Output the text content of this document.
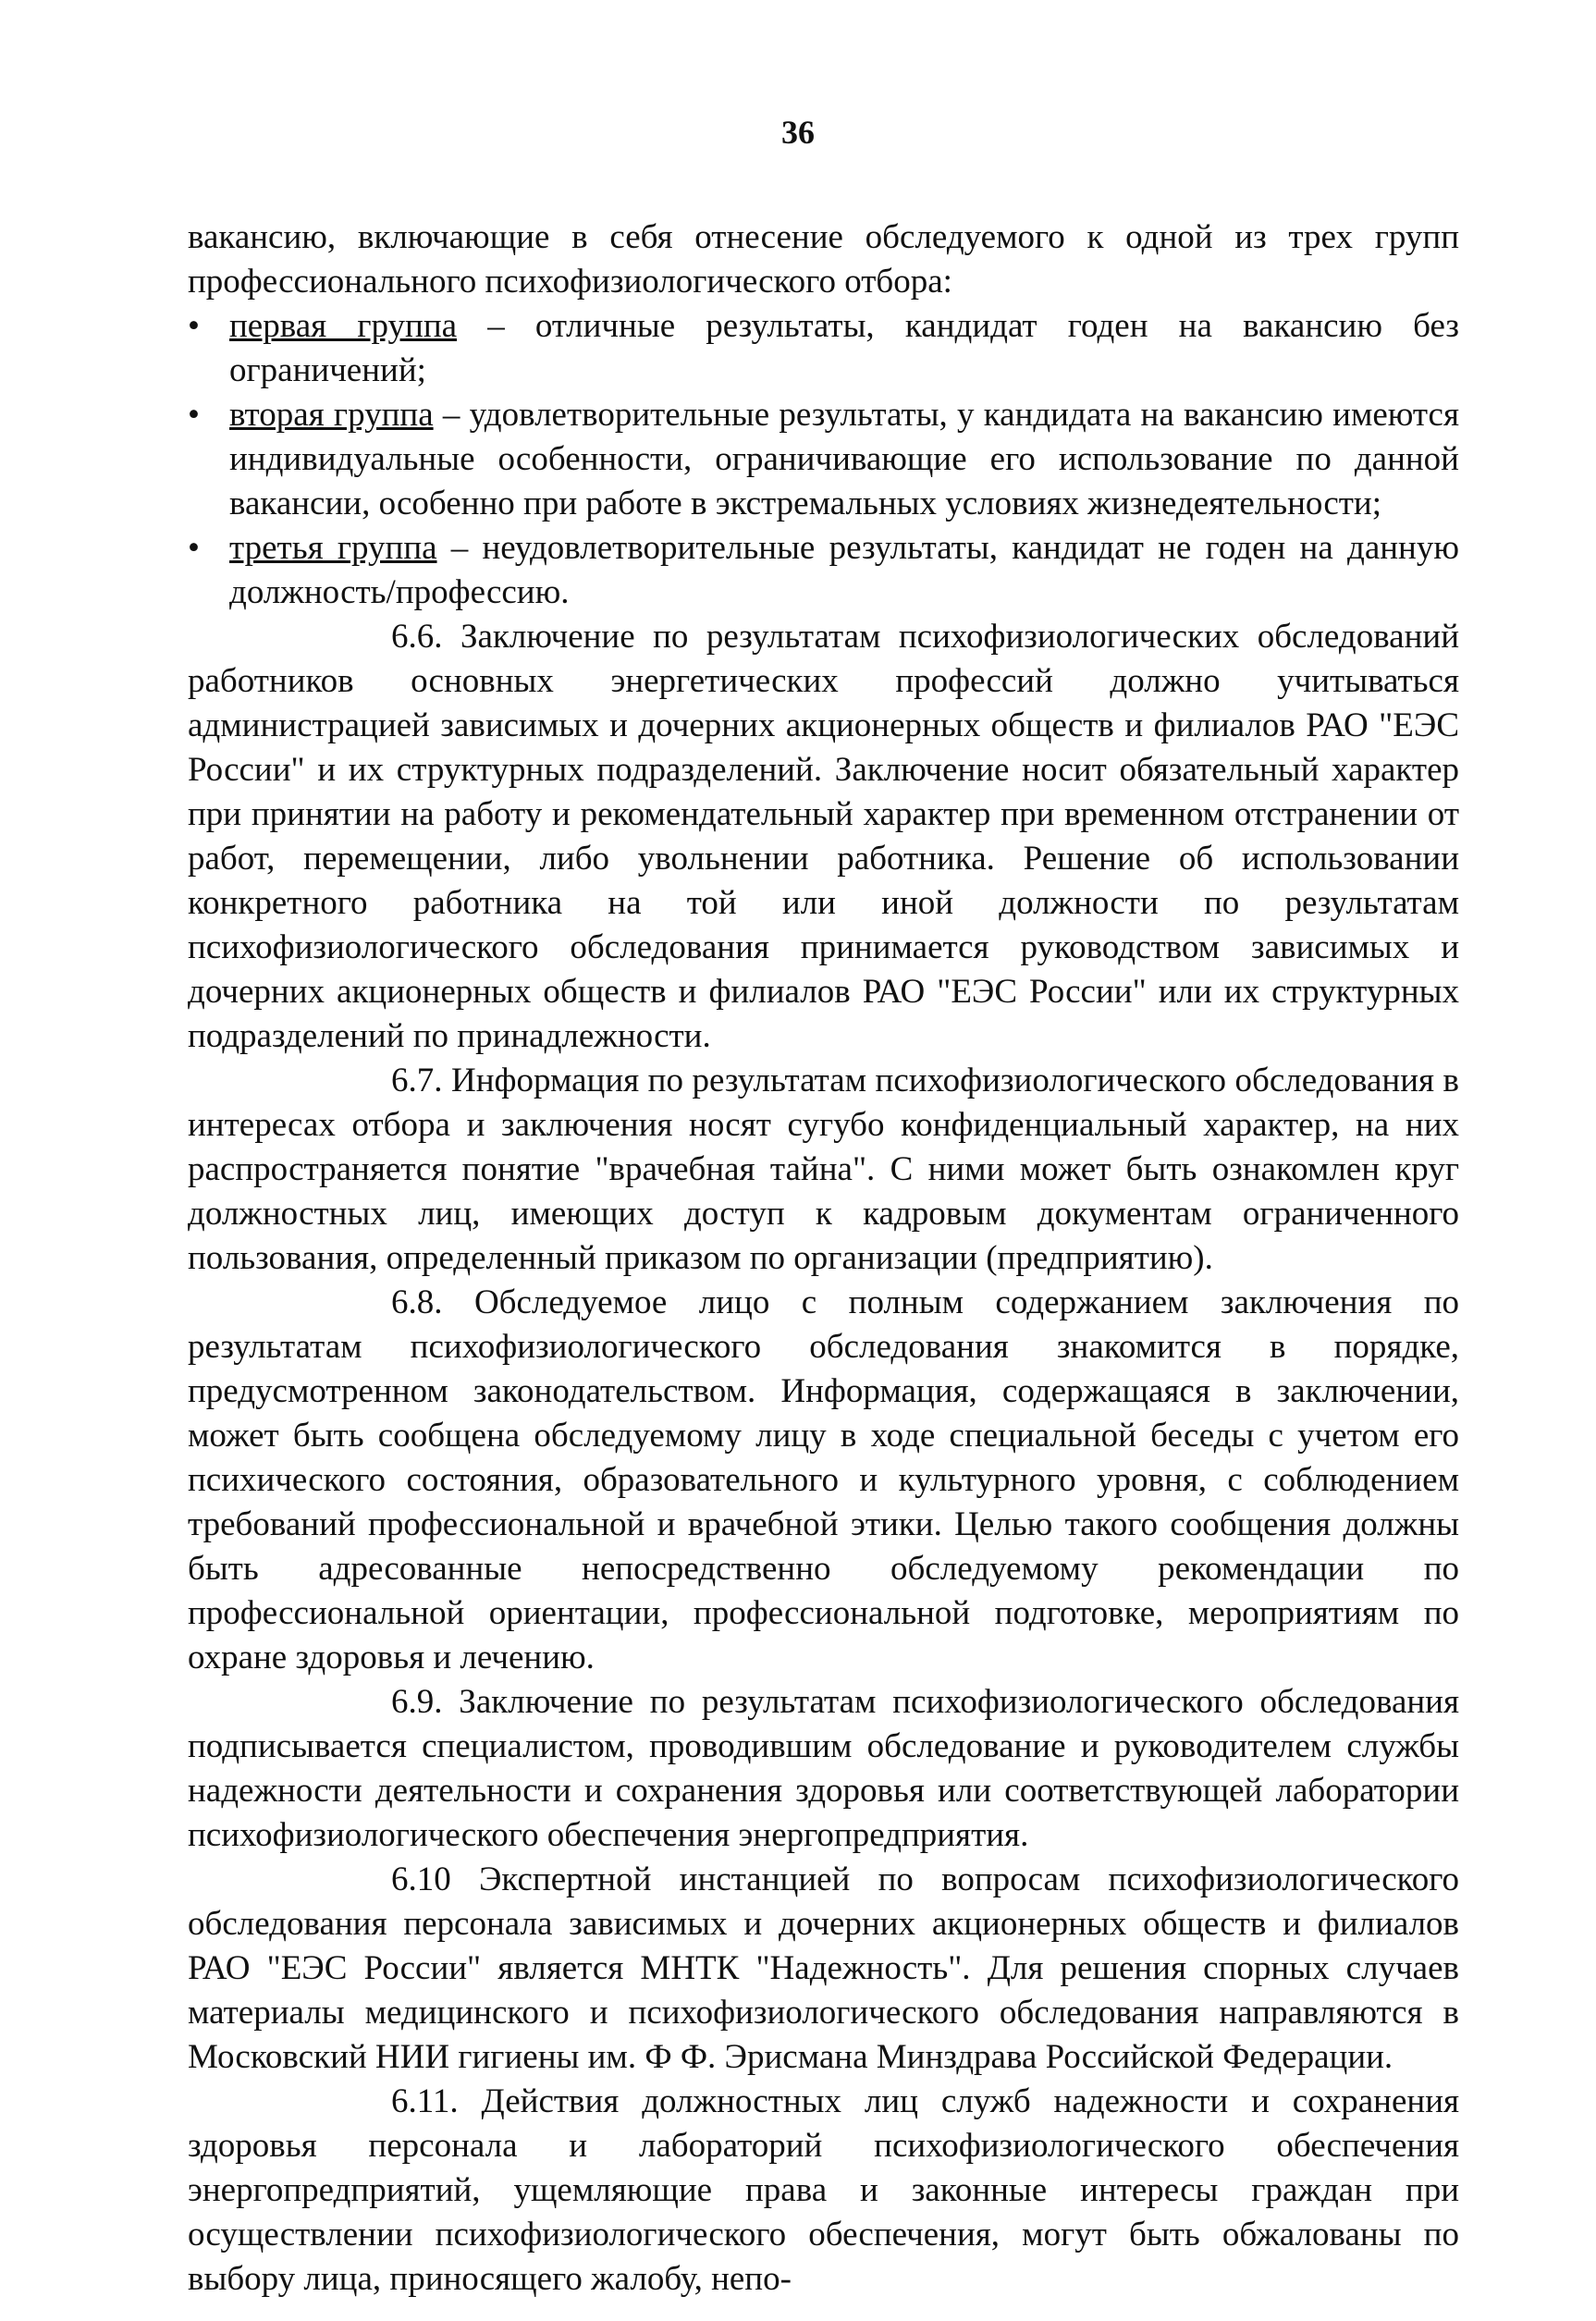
36

вакансию, включающие в себя отнесение обследуемого к одной из трех групп профессионального психофизиологического отбора:

• первая группа – отличные результаты, кандидат годен на вакансию без ограничений;
• вторая группа – удовлетворительные результаты, у кандидата на вакансию имеются индивидуальные особенности, ограничивающие его использование по данной вакансии, особенно при работе в экстремальных условиях жизнедеятельности;
• третья группа – неудовлетворительные результаты, кандидат не годен на данную должность/профессию.

6.6. Заключение по результатам психофизиологических обследований работников основных энергетических профессий должно учитываться администрацией зависимых и дочерних акционерных обществ и филиалов РАО "ЕЭС России" и их структурных подразделений. Заключение носит обязательный характер при принятии на работу и рекомендательный характер при временном отстранении от работ, перемещении, либо увольнении работника. Решение об использовании конкретного работника на той или иной должности по результатам психофизиологического обследования принимается руководством зависимых и дочерних акционерных обществ и филиалов РАО "ЕЭС России" или их структурных подразделений по принадлежности.

6.7. Информация по результатам психофизиологического обследования в интересах отбора и заключения носят сугубо конфиденциальный характер, на них распространяется понятие "врачебная тайна". С ними может быть ознакомлен круг должностных лиц, имеющих доступ к кадровым документам ограниченного пользования, определенный приказом по организации (предприятию).

6.8. Обследуемое лицо с полным содержанием заключения по результатам психофизиологического обследования знакомится в порядке, предусмотренном законодательством. Информация, содержащаяся в заключении, может быть сообщена обследуемому лицу в ходе специальной беседы с учетом его психического состояния, образовательного и культурного уровня, с соблюдением требований профессиональной и врачебной этики. Целью такого сообщения должны быть адресованные непосредственно обследуемому рекомендации по профессиональной ориентации, профессиональной подготовке, мероприятиям по охране здоровья и лечению.

6.9. Заключение по результатам психофизиологического обследования подписывается специалистом, проводившим обследование и руководителем службы надежности деятельности и сохранения здоровья или соответствующей лаборатории психофизиологического обеспечения энергопредприятия.

6.10 Экспертной инстанцией по вопросам психофизиологического обследования персонала зависимых и дочерних акционерных обществ и филиалов РАО "ЕЭС России" является МНТК "Надежность". Для решения спорных случаев материалы медицинского и психофизиологического обследования направляются в Московский НИИ гигиены им. Ф Ф. Эрисмана Минздрава Российской Федерации.

6.11. Действия должностных лиц служб надежности и сохранения здоровья персонала и лабораторий психофизиологического обеспечения энергопредприятий, ущемляющие права и законные интересы граждан при осуществлении психофизиологического обеспечения, могут быть обжалованы по выбору лица, приносящего жалобу, непо-
